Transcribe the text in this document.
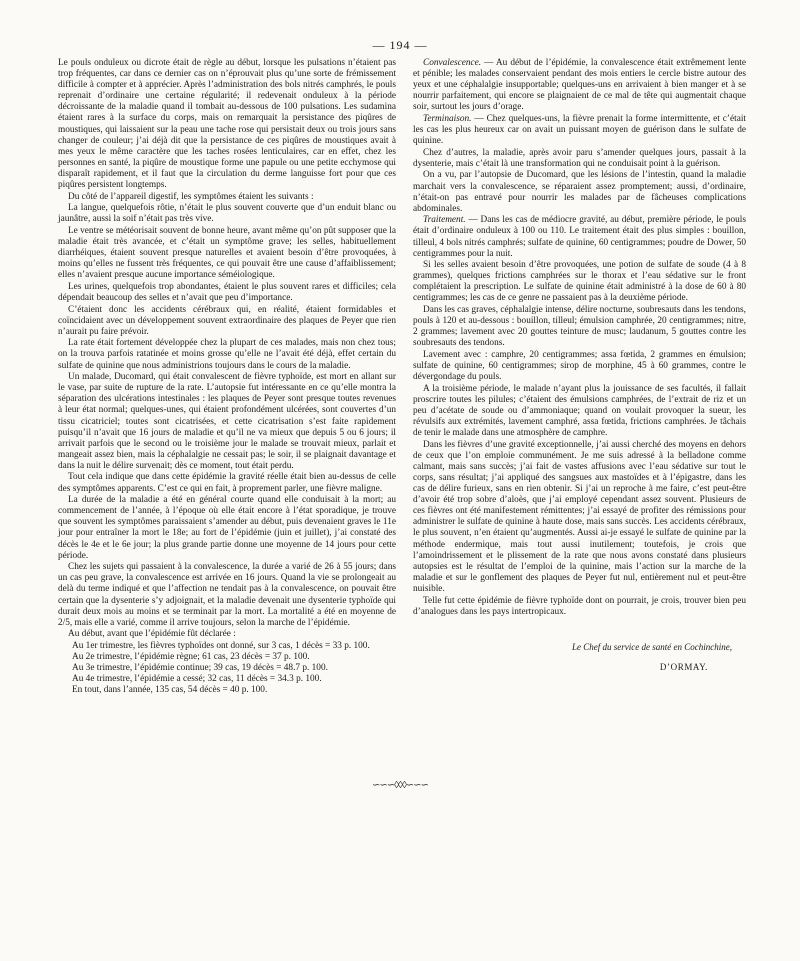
— 194 —

Le pouls onduleux ou dicrote était de règle au début, lorsque les pulsations n’étaient pas trop fréquentes, car dans ce dernier cas on n’éprouvait plus qu’une sorte de frémissement difficile à compter et à apprécier. Après l’administration des bols nitrés camphrés, le pouls reprenait d’ordinaire une certaine régularité; il redevenait onduleux à la période décroissante de la maladie quand il tombait au-dessous de 100 pulsations. Les sudamina étaient rares à la surface du corps, mais on remarquait la persistance des piqûres de moustiques, qui laissaient sur la peau une tache rose qui persistait deux ou trois jours sans changer de couleur; j’ai déjà dit que la persistance de ces piqûres de moustiques avait à mes yeux le même caractère que les taches rosées lenticulaires, car en effet, chez les personnes en santé, la piqûre de moustique forme une papule ou une petite ecchymose qui disparaît rapidement, et il faut que la circulation du derme languisse fort pour que ces piqûres persistent longtemps.

Du côté de l’appareil digestif, les symptômes étaient les suivants :

La langue, quelquefois rôtie, n’était le plus souvent couverte que d’un enduit blanc ou jaunâtre, aussi la soif n’était pas très vive.

Le ventre se météorisait souvent de bonne heure, avant même qu’on pût supposer que la maladie était très avancée, et c’était un symptôme grave; les selles, habituellement diarrhéiques, étaient souvent presque naturelles et avaient besoin d’être provoquées, à moins qu’elles ne fussent très fréquentes, ce qui pouvait être une cause d’affaiblissement; elles n’avaient presque aucune importance séméiologique.

Les urines, quelquefois trop abondantes, étaient le plus souvent rares et difficiles; cela dépendait beaucoup des selles et n’avait que peu d’importance.

C’étaient donc les accidents cérébraux qui, en réalité, étaient formidables et coïncidaient avec un développement souvent extraordinaire des plaques de Peyer que rien n’aurait pu faire prévoir.

La rate était fortement développée chez la plupart de ces malades, mais non chez tous; on la trouva parfois ratatinée et moins grosse qu’elle ne l’avait été déjà, effet certain du sulfate de quinine que nous administrions toujours dans le cours de la maladie.

Un malade, Ducomard, qui était convalescent de fièvre typhoïde, est mort en allant sur le vase, par suite de rupture de la rate. L’autopsie fut intéressante en ce qu’elle montra la séparation des ulcérations intestinales : les plaques de Peyer sont presque toutes revenues à leur état normal; quelques-unes, qui étaient profondément ulcérées, sont couvertes d’un tissu cicatriciel; toutes sont cicatrisées, et cette cicatrisation s’est faite rapidement puisqu’il n’avait que 16 jours de maladie et qu’il ne va mieux que depuis 5 ou 6 jours; il arrivait parfois que le second ou le troisième jour le malade se trouvait mieux, parlait et mangeait assez bien, mais la céphalalgie ne cessait pas; le soir, il se plaignait davantage et dans la nuit le délire survenait; dès ce moment, tout était perdu.

Tout cela indique que dans cette épidémie la gravité réelle était bien au-dessus de celle des symptômes apparents. C’est ce qui en fait, à proprement parler, une fièvre maligne.

La durée de la maladie a été en général courte quand elle conduisait à la mort; au commencement de l’année, à l’époque où elle était encore à l’état sporadique, je trouve que souvent les symptômes paraissaient s’amender au début, puis devenaient graves le 11e jour pour entraîner la mort le 18e; au fort de l’épidémie (juin et juillet), j’ai constaté des décès le 4e et le 6e jour; la plus grande partie donne une moyenne de 14 jours pour cette période.

Chez les sujets qui passaient à la convalescence, la durée a varié de 26 à 55 jours; dans un cas peu grave, la convalescence est arrivée en 16 jours. Quand la vie se prolongeait au delà du terme indiqué et que l’affection ne tendait pas à la convalescence, on pouvait être certain que la dysenterie s’y adjoignait, et la maladie devenait une dysenterie typhoïde qui durait deux mois au moins et se terminait par la mort. La mortalité a été en moyenne de 2/5, mais elle a varié, comme il arrive toujours, selon la marche de l’épidémie.

Au début, avant que l’épidémie fût déclarée :

Au 1er trimestre, les fièvres typhoïdes ont donné, sur 3 cas, 1 décès = 33 p. 100.

Au 2e trimestre, l’épidémie règne; 61 cas, 23 décès = 37 p. 100.

Au 3e trimestre, l’épidémie continue; 39 cas, 19 décès = 48.7 p. 100.

Au 4e trimestre, l’épidémie a cessé; 32 cas, 11 décès = 34.3 p. 100.

En tout, dans l’année, 135 cas, 54 décès = 40 p. 100.

Convalescence. — Au début de l’épidémie, la convalescence était extrêmement lente et pénible; les malades conservaient pendant des mois entiers le cercle bistre autour des yeux et une céphalalgie insupportable; quelques-uns en arrivaient à bien manger et à se nourrir parfaitement, qui encore se plaignaient de ce mal de tête qui augmentait chaque soir, surtout les jours d’orage.

Terminaison. — Chez quelques-uns, la fièvre prenait la forme intermittente, et c’était les cas les plus heureux car on avait un puissant moyen de guérison dans le sulfate de quinine.

Chez d’autres, la maladie, après avoir paru s’amender quelques jours, passait à la dysenterie, mais c’était là une transformation qui ne conduisait point à la guérison.

On a vu, par l’autopsie de Ducomard, que les lésions de l’intestin, quand la maladie marchait vers la convalescence, se réparaient assez promptement; aussi, d’ordinaire, n’était-on pas entravé pour nourrir les malades par de fâcheuses complications abdominales.

Traitement. — Dans les cas de médiocre gravité, au début, première période, le pouls était d’ordinaire onduleux à 100 ou 110. Le traitement était des plus simples : bouillon, tilleul, 4 bols nitrés camphrés; sulfate de quinine, 60 centigrammes; poudre de Dower, 50 centigrammes pour la nuit.

Si les selles avaient besoin d’être provoquées, une potion de sulfate de soude (4 à 8 grammes), quelques frictions camphrées sur le thorax et l’eau sédative sur le front complétaient la prescription. Le sulfate de quinine était administré à la dose de 60 à 80 centigrammes; les cas de ce genre ne passaient pas à la deuxième période.

Dans les cas graves, céphalalgie intense, délire nocturne, soubresauts dans les tendons, pouls à 120 et au-dessous : bouillon, tilleul; émulsion camphrée, 20 centigrammes; nitre, 2 grammes; lavement avec 20 gouttes teinture de musc; laudanum, 5 gouttes contre les soubresauts des tendons.

Lavement avec : camphre, 20 centigrammes; assa fœtida, 2 grammes en émulsion; sulfate de quinine, 60 centigrammes; sirop de morphine, 45 à 60 grammes, contre le dévergondage du pouls.

A la troisième période, le malade n’ayant plus la jouissance de ses facultés, il fallait proscrire toutes les pilules; c’étaient des émulsions camphrées, de l’extrait de riz et un peu d’acétate de soude ou d’ammoniaque; quand on voulait provoquer la sueur, les révulsifs aux extrémités, lavement camphré, assa fœtida, frictions camphrées. Je tâchais de tenir le malade dans une atmosphère de camphre.

Dans les fièvres d’une gravité exceptionnelle, j’ai aussi cherché des moyens en dehors de ceux que l’on emploie communément. Je me suis adressé à la belladone comme calmant, mais sans succès; j’ai fait de vastes affusions avec l’eau sédative sur tout le corps, sans résultat; j’ai appliqué des sangsues aux mastoïdes et à l’épigastre, dans les cas de délire furieux, sans en rien obtenir. Si j’ai un reproche à me faire, c’est peut-être d’avoir été trop sobre d’aloès, que j’ai employé cependant assez souvent. Plusieurs de ces fièvres ont été manifestement rémittentes; j’ai essayé de profiter des rémissions pour administrer le sulfate de quinine à haute dose, mais sans succès. Les accidents cérébraux, le plus souvent, n’en étaient qu’augmentés. Aussi ai-je essayé le sulfate de quinine par la méthode endermique, mais tout aussi inutilement; toutefois, je crois que l’amoindrissement et le plissement de la rate que nous avons constaté dans plusieurs autopsies est le résultat de l’emploi de la quinine, mais l’action sur la marche de la maladie et sur le gonflement des plaques de Peyer fut nul, entièrement nul et peut-être nuisible.

Telle fut cette épidémie de fièvre typhoïde dont on pourrait, je crois, trouver bien peu d’analogues dans les pays intertropicaux.

Le Chef du service de santé en Cochinchine,
D’ORMAY.
∽∽∽◊◊◊∽∽∽
